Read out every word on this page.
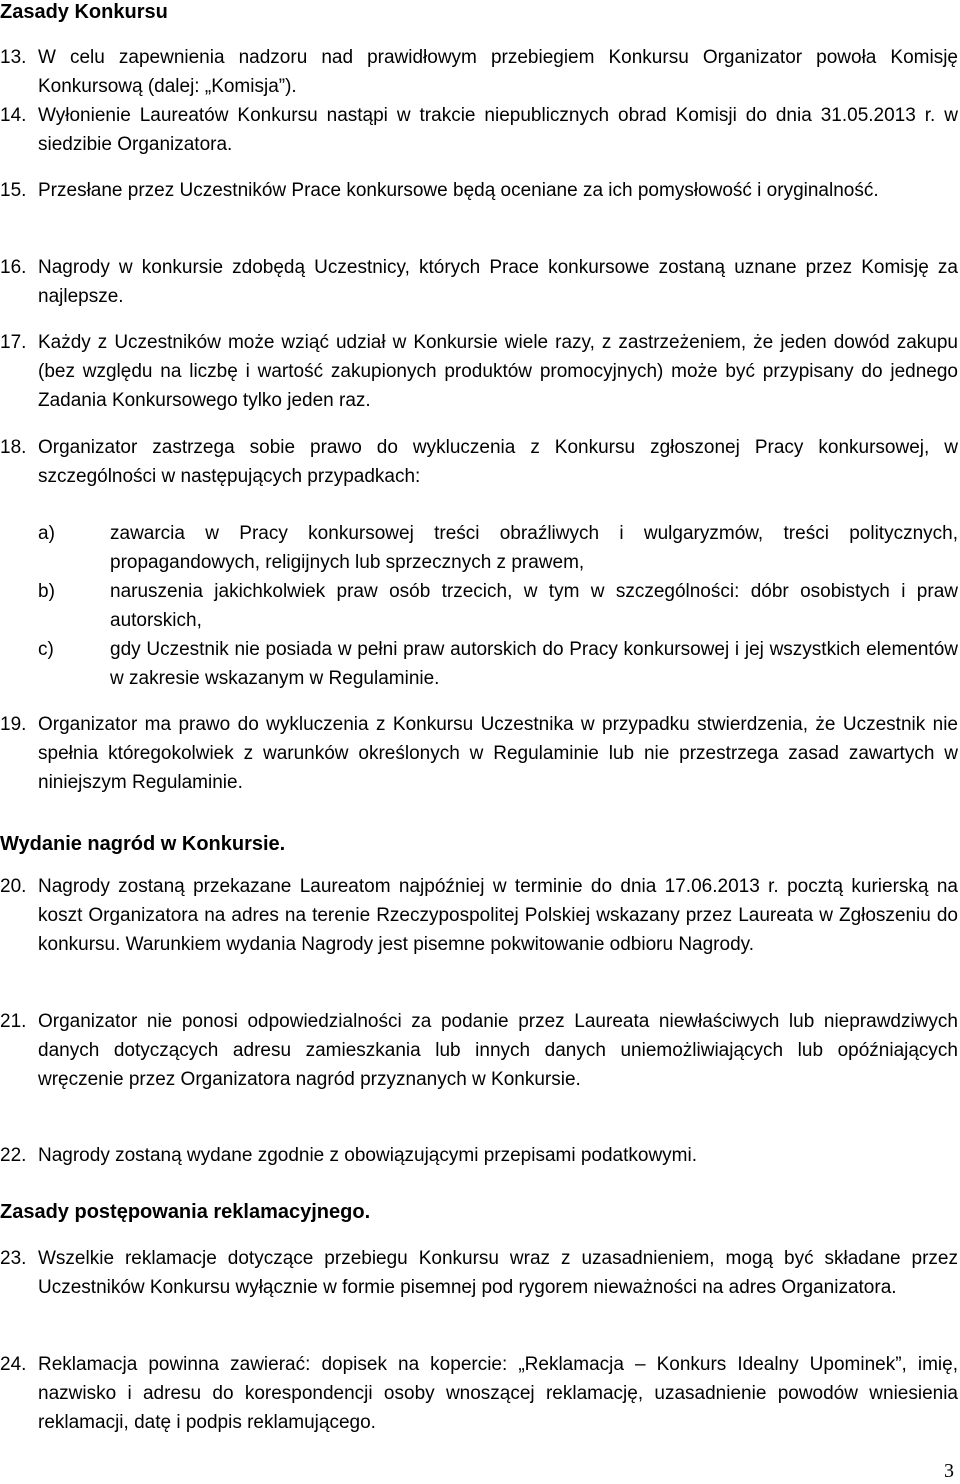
Zasady Konkursu
13. W celu zapewnienia nadzoru nad prawidłowym przebiegiem Konkursu Organizator powoła Komisję Konkursową (dalej: „Komisja”).
14. Wyłonienie Laureatów Konkursu nastąpi w trakcie niepublicznych obrad Komisji do dnia 31.05.2013 r. w siedzibie Organizatora.
15. Przesłane przez Uczestników Prace konkursowe będą oceniane za ich pomysłowość i oryginalność.
16. Nagrody w konkursie zdobędą Uczestnicy, których Prace konkursowe zostaną uznane przez Komisję za najlepsze.
17. Każdy z Uczestników może wziąć udział w Konkursie wiele razy, z zastrzeżeniem, że jeden dowód zakupu (bez względu na liczbę i wartość zakupionych produktów promocyjnych) może być przypisany do jednego Zadania Konkursowego tylko jeden raz.
18. Organizator zastrzega sobie prawo do wykluczenia z Konkursu zgłoszonej Pracy konkursowej, w szczególności w następujących przypadkach:
a)	zawarcia w Pracy konkursowej treści obraźliwych i wulgaryzmów, treści politycznych, propagandowych, religijnych lub sprzecznych z prawem,
b)	naruszenia jakichkolwiek praw osób trzecich, w tym w szczególności: dóbr osobistych i praw autorskich,
c)	gdy Uczestnik nie posiada w pełni praw autorskich do Pracy konkursowej i jej wszystkich elementów w zakresie wskazanym w Regulaminie.
19. Organizator ma prawo do wykluczenia z Konkursu Uczestnika w przypadku stwierdzenia, że Uczestnik nie spełnia któregokolwiek z warunków określonych w Regulaminie lub nie przestrzega zasad zawartych w niniejszym Regulaminie.
Wydanie nagród w Konkursie.
20. Nagrody zostaną przekazane Laureatom najpóźniej w terminie do dnia 17.06.2013 r. pocztą kurierską na koszt Organizatora na adres na terenie Rzeczypospolitej Polskiej wskazany przez Laureata w Zgłoszeniu do konkursu. Warunkiem wydania Nagrody jest pisemne pokwitowanie odbioru Nagrody.
21. Organizator nie ponosi odpowiedzialności za podanie przez Laureata niewłaściwych lub nieprawdziwych danych dotyczących adresu zamieszkania lub innych danych uniemożliwiających lub opóźniających wręczenie przez Organizatora nagród przyznanych w Konkursie.
22. Nagrody zostaną wydane zgodnie z obowiązującymi przepisami podatkowymi.
Zasady postępowania reklamacyjnego.
23. Wszelkie reklamacje dotyczące przebiegu Konkursu wraz z uzasadnieniem, mogą być składane przez Uczestników Konkursu wyłącznie w formie pisemnej pod rygorem nieważności na adres Organizatora.
24. Reklamacja powinna zawierać: dopisek na kopercie: „Reklamacja – Konkurs Idealny Upominek”, imię, nazwisko i adresu do korespondencji osoby wnoszącej reklamację, uzasadnienie powodów wniesienia reklamacji, datę i podpis reklamującego.
3
